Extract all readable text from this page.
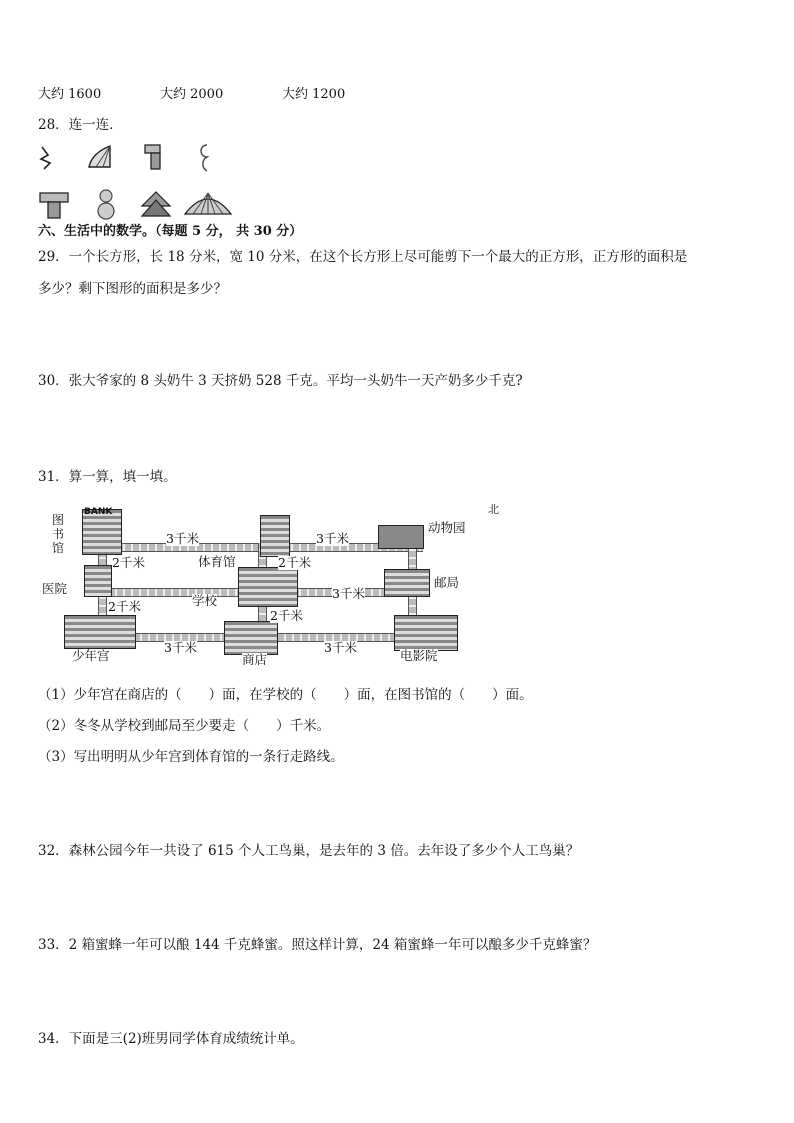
大约 1600	大约 2000	大约 1200
28．连一连．
六、生活中的数学。（每题 5 分， 共 30 分）
29．一个长方形，长 18 分米，宽 10 分米，在这个长方形上尽可能剪下一个最大的正方形，正方形的面积是
多少？剩下图形的面积是多少？
30．张大爷家的 8 头奶牛 3 天挤奶 528 千克。平均一头奶牛一天产奶多少千克?
31．算一算，填一填。
BANK
图书馆
体育馆
动物园
北
医院
学校
邮局
少年宫	商店	电影院
3千米	3千米
2千米	2千米
3千米
2千米
2千米
3千米	3千米
（1）少年宫在商店的（　　）面，在学校的（　　）面，在图书馆的（　　）面。
（2）冬冬从学校到邮局至少要走（　　）千米。
（3）写出明明从少年宫到体育馆的一条行走路线。
32．森林公园今年一共设了 615 个人工鸟巢，是去年的 3 倍。去年设了多少个人工鸟巢？
33．2 箱蜜蜂一年可以酿 144 千克蜂蜜。照这样计算，24 箱蜜蜂一年可以酿多少千克蜂蜜？
34．下面是三(2)班男同学体育成绩统计单。
